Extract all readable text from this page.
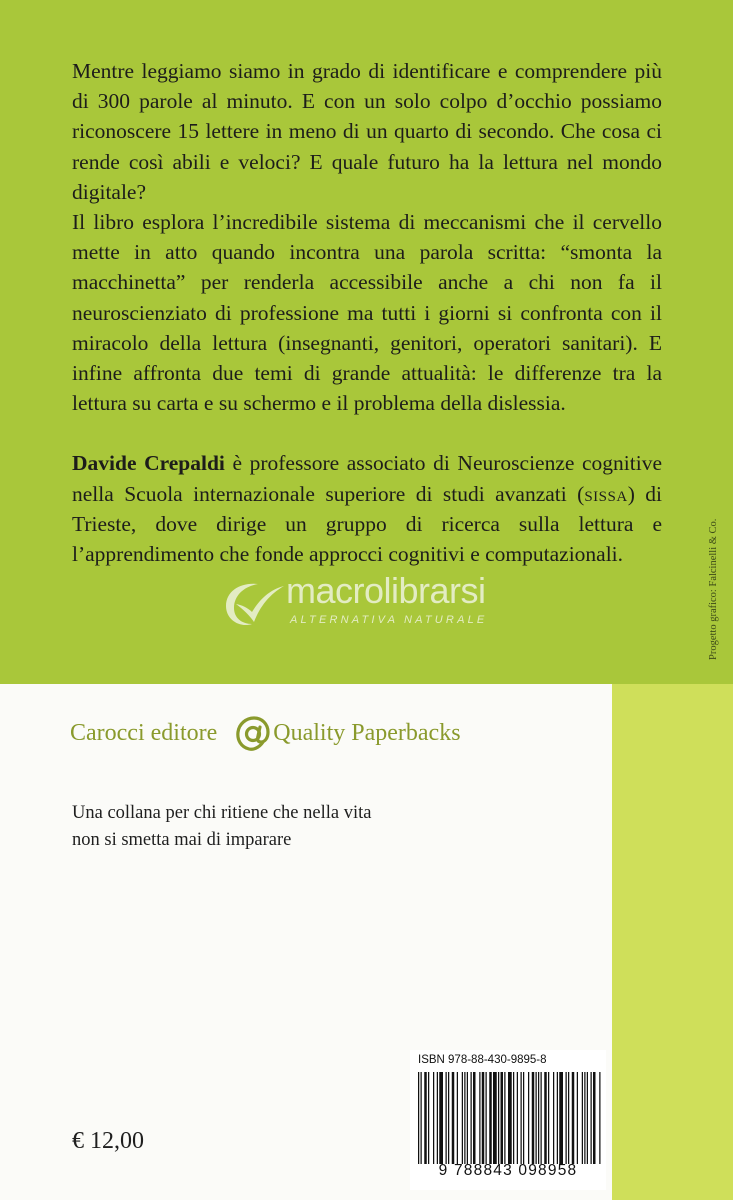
Mentre leggiamo siamo in grado di identificare e comprendere più di 300 parole al minuto. E con un solo colpo d’occhio possiamo riconoscere 15 lettere in meno di un quarto di secondo. Che cosa ci rende così abili e veloci? E quale futuro ha la lettura nel mondo digitale?

Il libro esplora l’incredibile sistema di meccanismi che il cervello mette in atto quando incontra una parola scritta: “smonta la macchinetta” per renderla accessibile anche a chi non fa il neuroscienziato di professione ma tutti i giorni si confronta con il miracolo della lettura (insegnanti, genitori, operatori sanitari). E infine affronta due temi di grande attualità: le differenze tra la lettura su carta e su schermo e il problema della dislessia.

Davide Crepaldi è professore associato di Neuroscienze cognitive nella Scuola internazionale superiore di studi avanzati (sissa) di Trieste, dove dirige un gruppo di ricerca sulla lettura e l’apprendimento che fonde approcci cognitivi e computazionali.	Progetto grafico: Falcinelli & Co.
macrolibrarsi
ALTERNATIVA NATURALE
Carocci editore Quality Paperbacks
Una collana per chi ritiene che nella vita
non si smetta mai di imparare
€ 12,00
ISBN 978-88-430-9895-8
9 788843 098958
